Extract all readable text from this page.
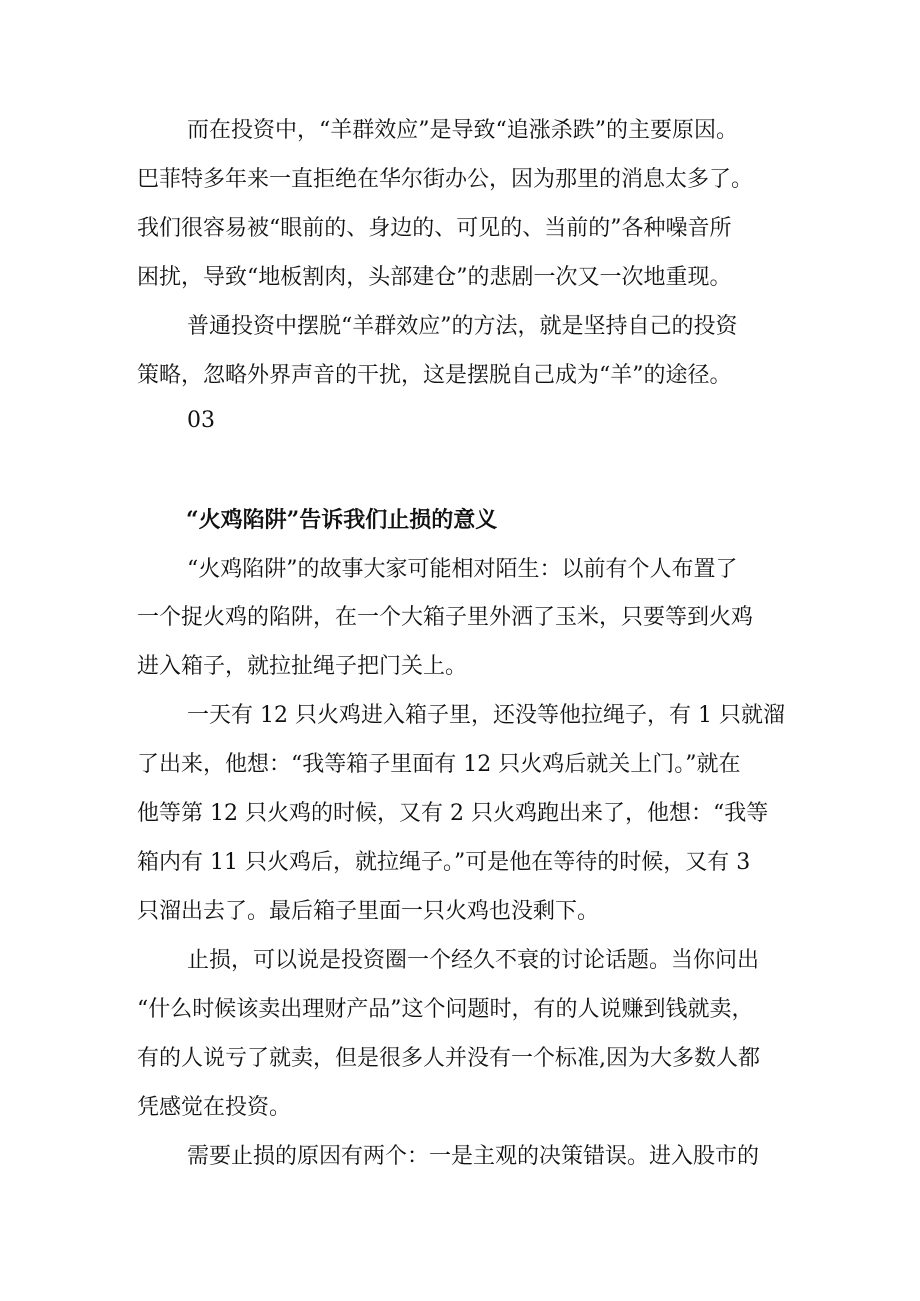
而在投资中，“羊群效应”是导致“追涨杀跌”的主要原因。

巴菲特多年来一直拒绝在华尔街办公，因为那里的消息太多了。

我们很容易被“眼前的、身边的、可见的、当前的”各种噪音所

困扰，导致“地板割肉，头部建仓”的悲剧一次又一次地重现。

普通投资中摆脱“羊群效应”的方法，就是坚持自己的投资

策略，忽略外界声音的干扰，这是摆脱自己成为“羊”的途径。

03

“火鸡陷阱”告诉我们止损的意义

“火鸡陷阱”的故事大家可能相对陌生：以前有个人布置了

一个捉火鸡的陷阱，在一个大箱子里外洒了玉米，只要等到火鸡

进入箱子，就拉扯绳子把门关上。

一天有 12 只火鸡进入箱子里，还没等他拉绳子，有 1 只就溜

了出来，他想：“我等箱子里面有 12 只火鸡后就关上门。”就在

他等第 12 只火鸡的时候，又有 2 只火鸡跑出来了，他想：“我等

箱内有 11 只火鸡后，就拉绳子。”可是他在等待的时候，又有 3

只溜出去了。最后箱子里面一只火鸡也没剩下。

止损，可以说是投资圈一个经久不衰的讨论话题。当你问出

“什么时候该卖出理财产品”这个问题时，有的人说赚到钱就卖，

有的人说亏了就卖，但是很多人并没有一个标准,因为大多数人都

凭感觉在投资。

需要止损的原因有两个：一是主观的决策错误。进入股市的
